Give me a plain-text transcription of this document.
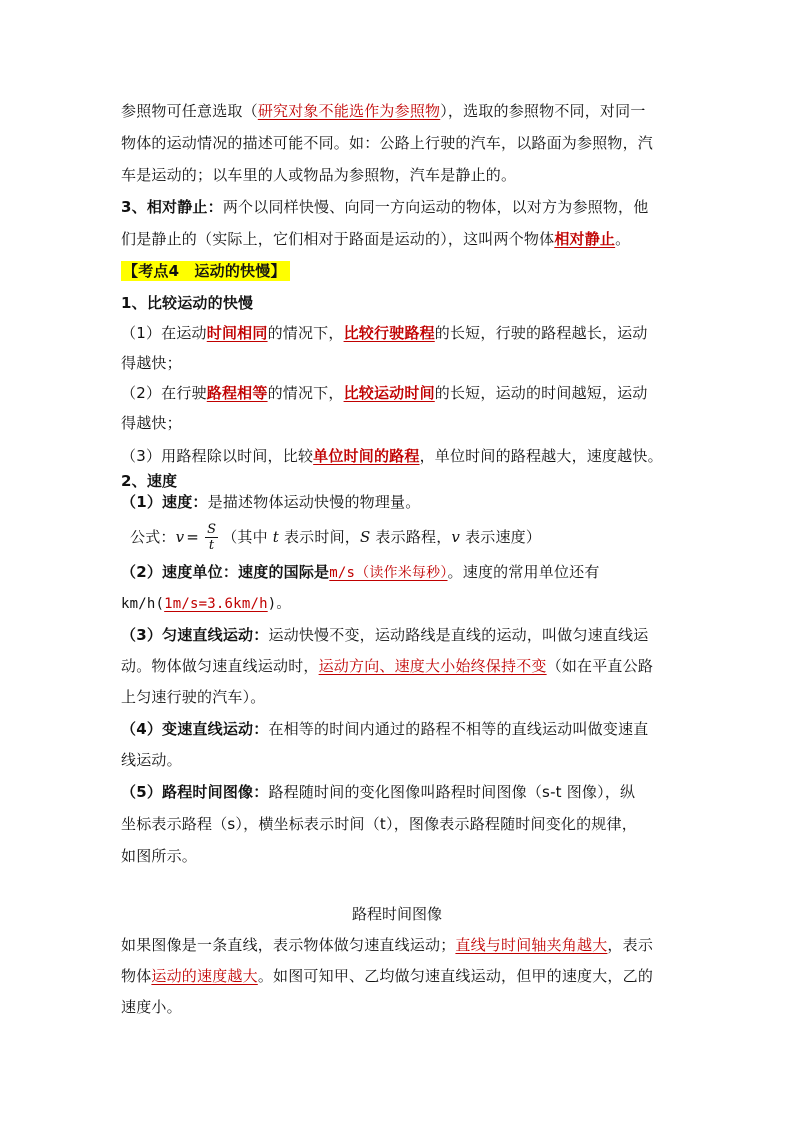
参照物可任意选取（研究对象不能选作为参照物），选取的参照物不同，对同一
物体的运动情况的描述可能不同。如：公路上行驶的汽车，以路面为参照物，汽
车是运动的；以车里的人或物品为参照物，汽车是静止的。
3、相对静止：两个以同样快慢、向同一方向运动的物体，以对方为参照物，他
们是静止的（实际上，它们相对于路面是运动的），这叫两个物体相对静止。
【考点4　运动的快慢】
1、比较运动的快慢
（1）在运动时间相同的情况下，比较行驶路程的长短，行驶的路程越长，运动
得越快；
（2）在行驶路程相等的情况下，比较运动时间的长短，运动的时间越短，运动
得越快；
（3）用路程除以时间，比较单位时间的路程，单位时间的路程越大，速度越快。
2、速度
（1）速度：是描述物体运动快慢的物理量。
公式：$v = \frac{S}{t}$ （其中 t 表示时间，S 表示路程，v 表示速度）
（2）速度单位：速度的国际是m/s（读作米每秒）。速度的常用单位还有
km/h(1m/s=3.6km/h)。
（3）匀速直线运动：运动快慢不变，运动路线是直线的运动，叫做匀速直线运
动。物体做匀速直线运动时，运动方向、速度大小始终保持不变（如在平直公路
上匀速行驶的汽车）。
（4）变速直线运动：在相等的时间内通过的路程不相等的直线运动叫做变速直
线运动。
（5）路程时间图像：路程随时间的变化图像叫路程时间图像（s-t 图像），纵
坐标表示路程（s），横坐标表示时间（t），图像表示路程随时间变化的规律，
如图所示。
路程时间图像
如果图像是一条直线，表示物体做匀速直线运动；直线与时间轴夹角越大，表示
物体运动的速度越大。如图可知甲、乙均做匀速直线运动，但甲的速度大，乙的
速度小。
